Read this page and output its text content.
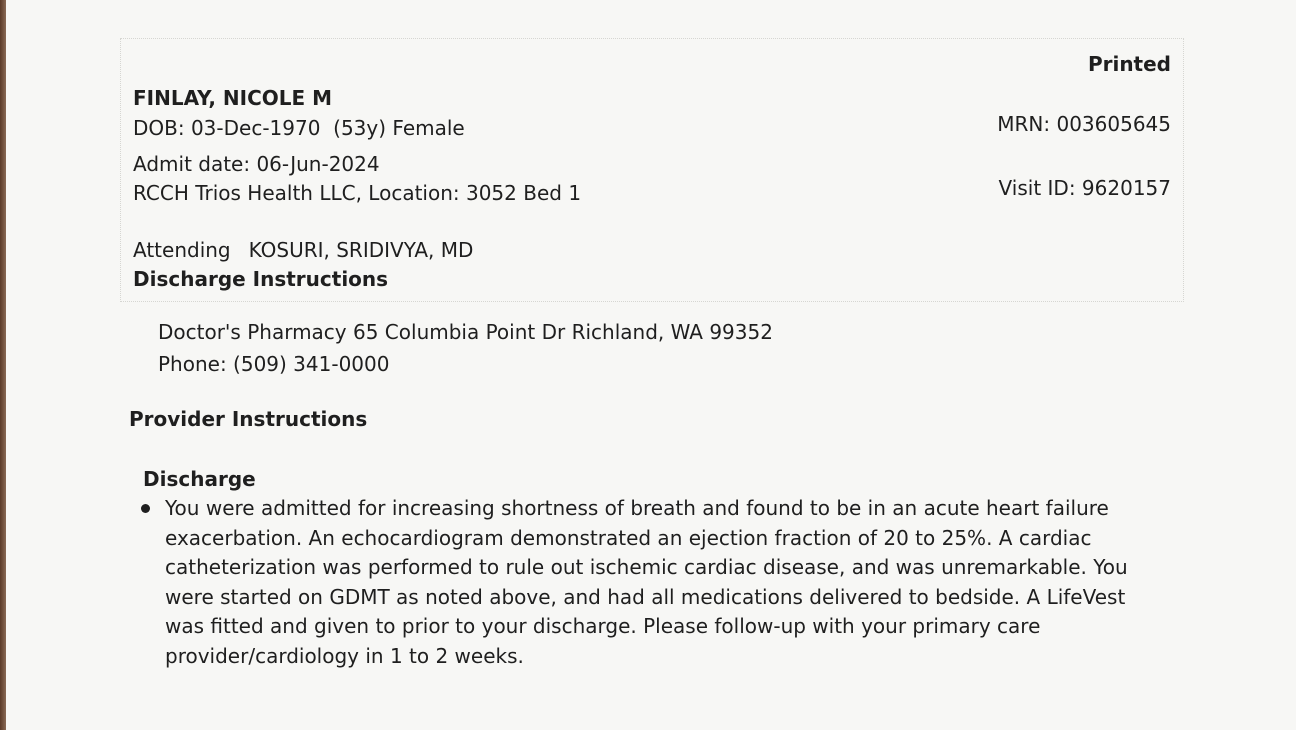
Printed
FINLAY, NICOLE M
DOB: 03-Dec-1970  (53y) Female
Admit date: 06-Jun-2024
RCCH Trios Health LLC, Location: 3052 Bed 1
MRN: 003605645
Visit ID: 9620157
Attending KOSURI, SRIDIVYA, MD
Discharge Instructions
Doctor's Pharmacy 65 Columbia Point Dr Richland, WA 99352
Phone: (509) 341-0000
Provider Instructions
Discharge
You were admitted for increasing shortness of breath and found to be in an acute heart failure
exacerbation. An echocardiogram demonstrated an ejection fraction of 20 to 25%. A cardiac
catheterization was performed to rule out ischemic cardiac disease, and was unremarkable. You
were started on GDMT as noted above, and had all medications delivered to bedside. A LifeVest
was fitted and given to prior to your discharge. Please follow-up with your primary care
provider/cardiology in 1 to 2 weeks.
